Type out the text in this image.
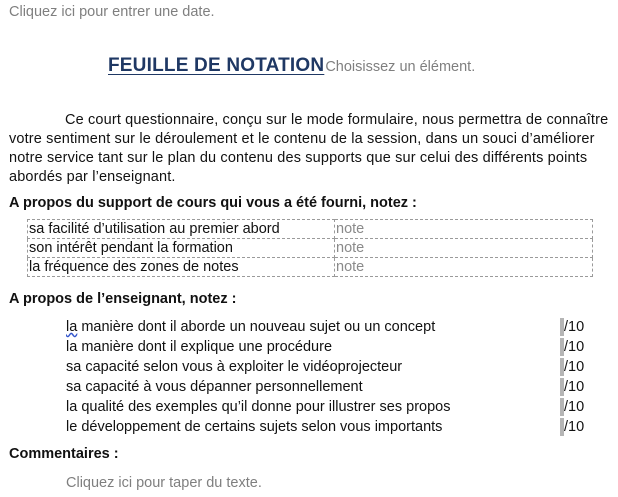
Cliquez ici pour entrer une date.
FEUILLE DE NOTATIONChoisissez un élément.
Ce court questionnaire, conçu sur le mode formulaire, nous permettra de connaître votre sentiment sur le déroulement et le contenu de la session, dans un souci d’améliorer notre service tant sur le plan du contenu des supports que sur celui des différents points abordés par l’enseignant.
A propos du support de cours qui vous a été fourni, notez :
sa facilité d’utilisation au premier abord	note
son intérêt pendant la formation	note
la fréquence des zones de notes	note
A propos de l’enseignant, notez :
la manière dont il aborde un nouveau sujet ou un concept	/10
la manière dont il explique une procédure	/10
sa capacité selon vous à exploiter le vidéoprojecteur	/10
sa capacité à vous dépanner personnellement	/10
la qualité des exemples qu’il donne pour illustrer ses propos	/10
le développement de certains sujets selon vous importants	/10
Commentaires :
Cliquez ici pour taper du texte.
